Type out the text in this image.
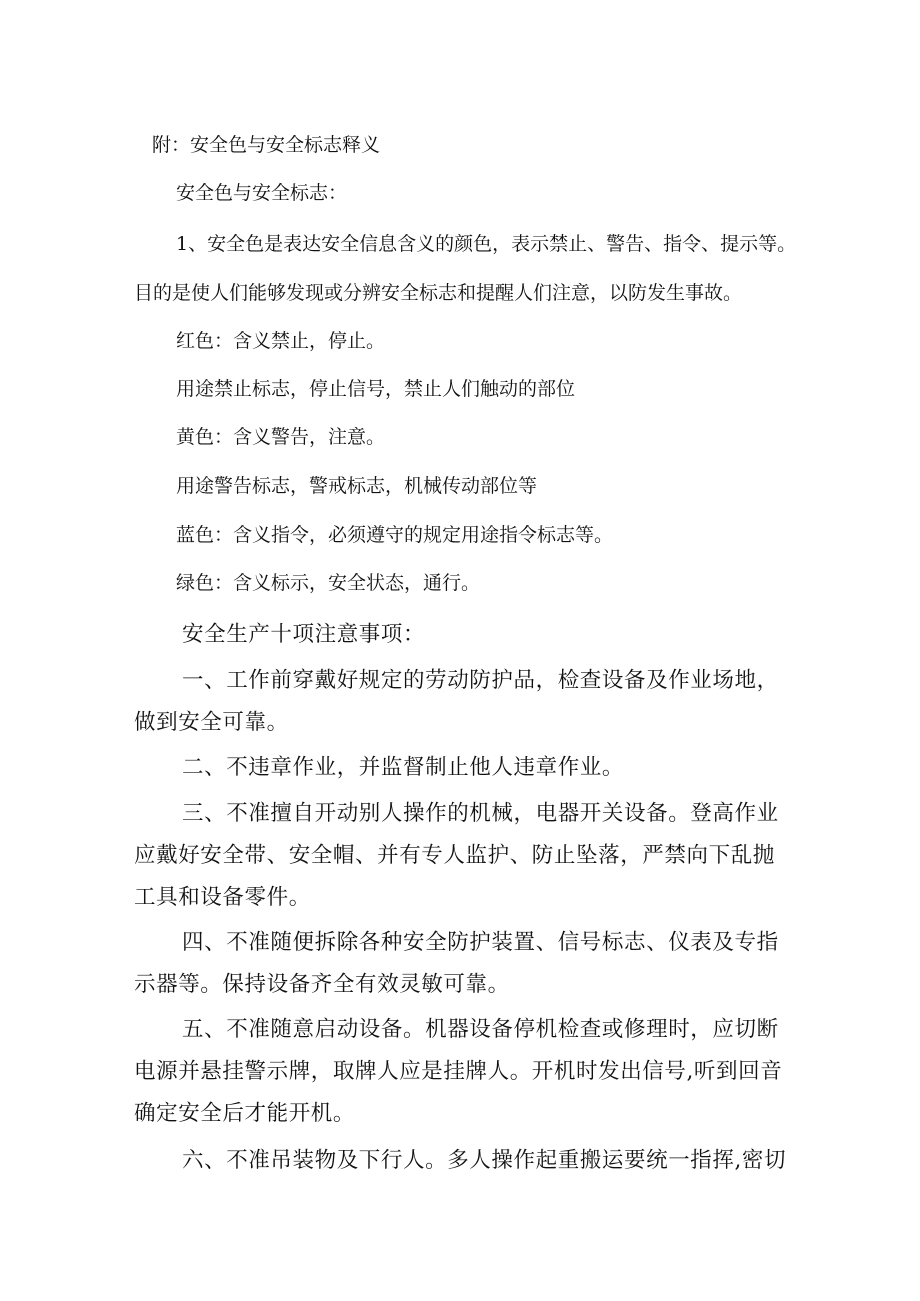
附：安全色与安全标志释义

安全色与安全标志：

1、安全色是表达安全信息含义的颜色，表示禁止、警告、指令、提示等。

目的是使人们能够发现或分辨安全标志和提醒人们注意，以防发生事故。

红色：含义禁止，停止。

用途禁止标志，停止信号，禁止人们触动的部位

黄色：含义警告，注意。

用途警告标志，警戒标志，机械传动部位等

蓝色：含义指令，必须遵守的规定用途指令标志等。

绿色：含义标示，安全状态，通行。

安全生产十项注意事项：

一、工作前穿戴好规定的劳动防护品，检查设备及作业场地，

做到安全可靠。

二、不违章作业，并监督制止他人违章作业。

三、不准擅自开动别人操作的机械，电器开关设备。登高作业

应戴好安全带、安全帽、并有专人监护、防止坠落，严禁向下乱抛

工具和设备零件。

四、不准随便拆除各种安全防护装置、信号标志、仪表及专指

示器等。保持设备齐全有效灵敏可靠。

五、不准随意启动设备。机器设备停机检查或修理时，应切断

电源并悬挂警示牌，取牌人应是挂牌人。开机时发出信号,听到回音

确定安全后才能开机。

六、不准吊装物及下行人。多人操作起重搬运要统一指挥,密切
